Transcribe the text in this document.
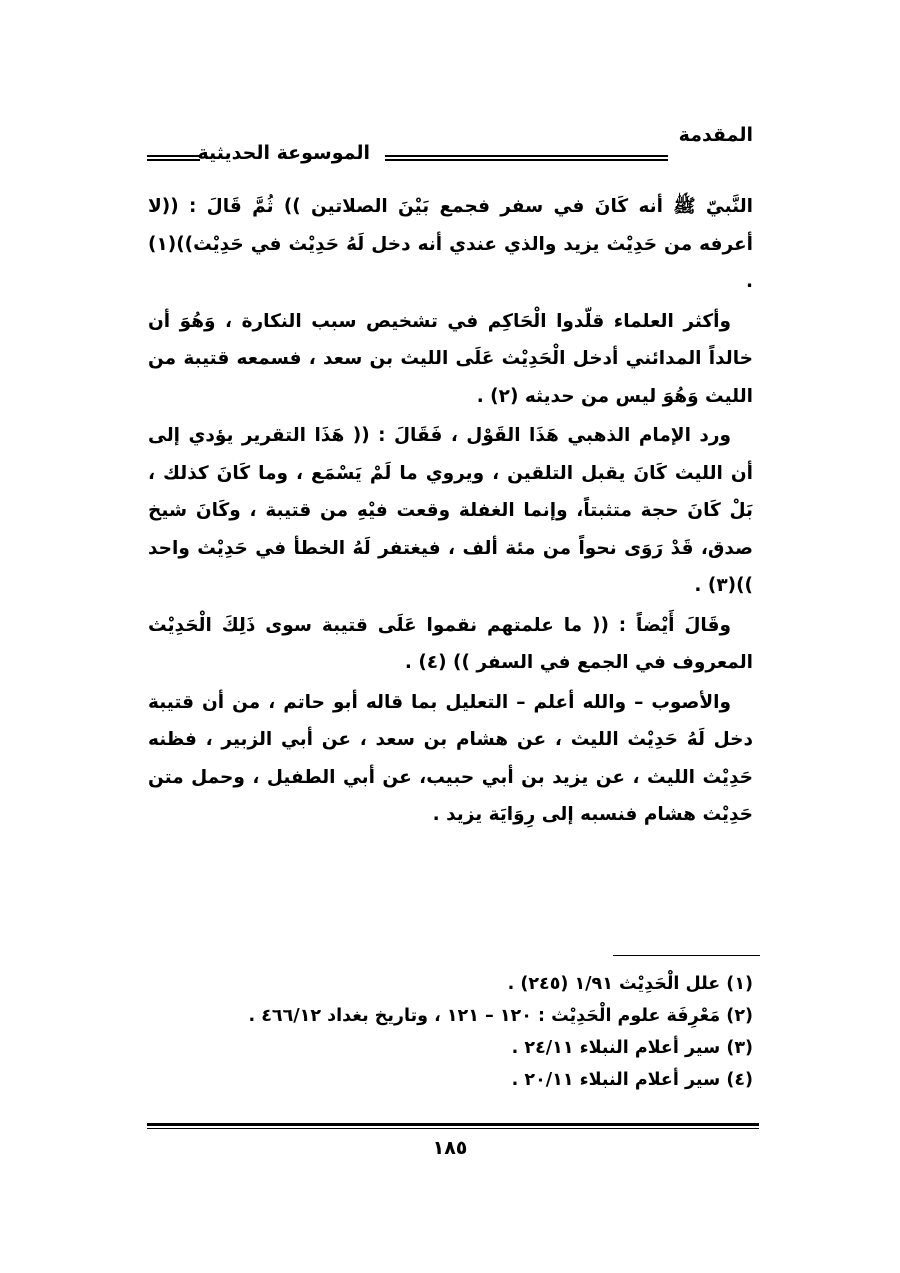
المقدمة
الموسوعة الحديثية

النَّبيّ ﷺ أنه كَانَ في سفر فجمع بَيْنَ الصلاتين )) ثُمَّ قَالَ : ((لا أعرفه من حَدِيْث يزيد والذي عندي أنه دخل لَهُ حَدِيْث في حَدِيْث))(١) .

وأكثر العلماء قلّدوا الْحَاكِم في تشخيص سبب النكارة ، وَهُوَ أن خالداً المدائني أدخل الْحَدِيْث عَلَى الليث بن سعد ، فسمعه قتيبة من الليث وَهُوَ ليس من حديثه (٢) .

ورد الإمام الذهبي هَذَا القَوْل ، فَقَالَ : (( هَذَا التقرير يؤدي إلى أن الليث كَانَ يقبل التلقين ، ويروي ما لَمْ يَسْمَع ، وما كَانَ كذلك ، بَلْ كَانَ حجة متثبتاً، وإنما الغفلة وقعت فيْهِ من قتيبة ، وكَانَ شيخ صدق، قَدْ رَوَى نحواً من مئة ألف ، فيغتفر لَهُ الخطأ في حَدِيْث واحد ))(٣) .

وقَالَ أَيْضاً : (( ما علمتهم نقموا عَلَى قتيبة سوى ذَلِكَ الْحَدِيْث المعروف في الجمع في السفر )) (٤) .

والأصوب – والله أعلم – التعليل بما قاله أبو حاتم ، من أن قتيبة دخل لَهُ حَدِيْث الليث ، عن هشام بن سعد ، عن أبي الزبير ، فظنه حَدِيْث الليث ، عن يزيد بن أبي حبيب، عن أبي الطفيل ، وحمل متن حَدِيْث هشام فنسبه إلى رِوَايَة يزيد .

(١) علل الْحَدِيْث ١/٩١ (٢٤٥) .
(٢) مَعْرِفَة علوم الْحَدِيْث : ١٢٠ – ١٢١ ، وتاريخ بغداد ٤٦٦/١٢ .
(٣) سير أعلام النبلاء ٢٤/١١ .
(٤) سير أعلام النبلاء ٢٠/١١ .
١٨٥
